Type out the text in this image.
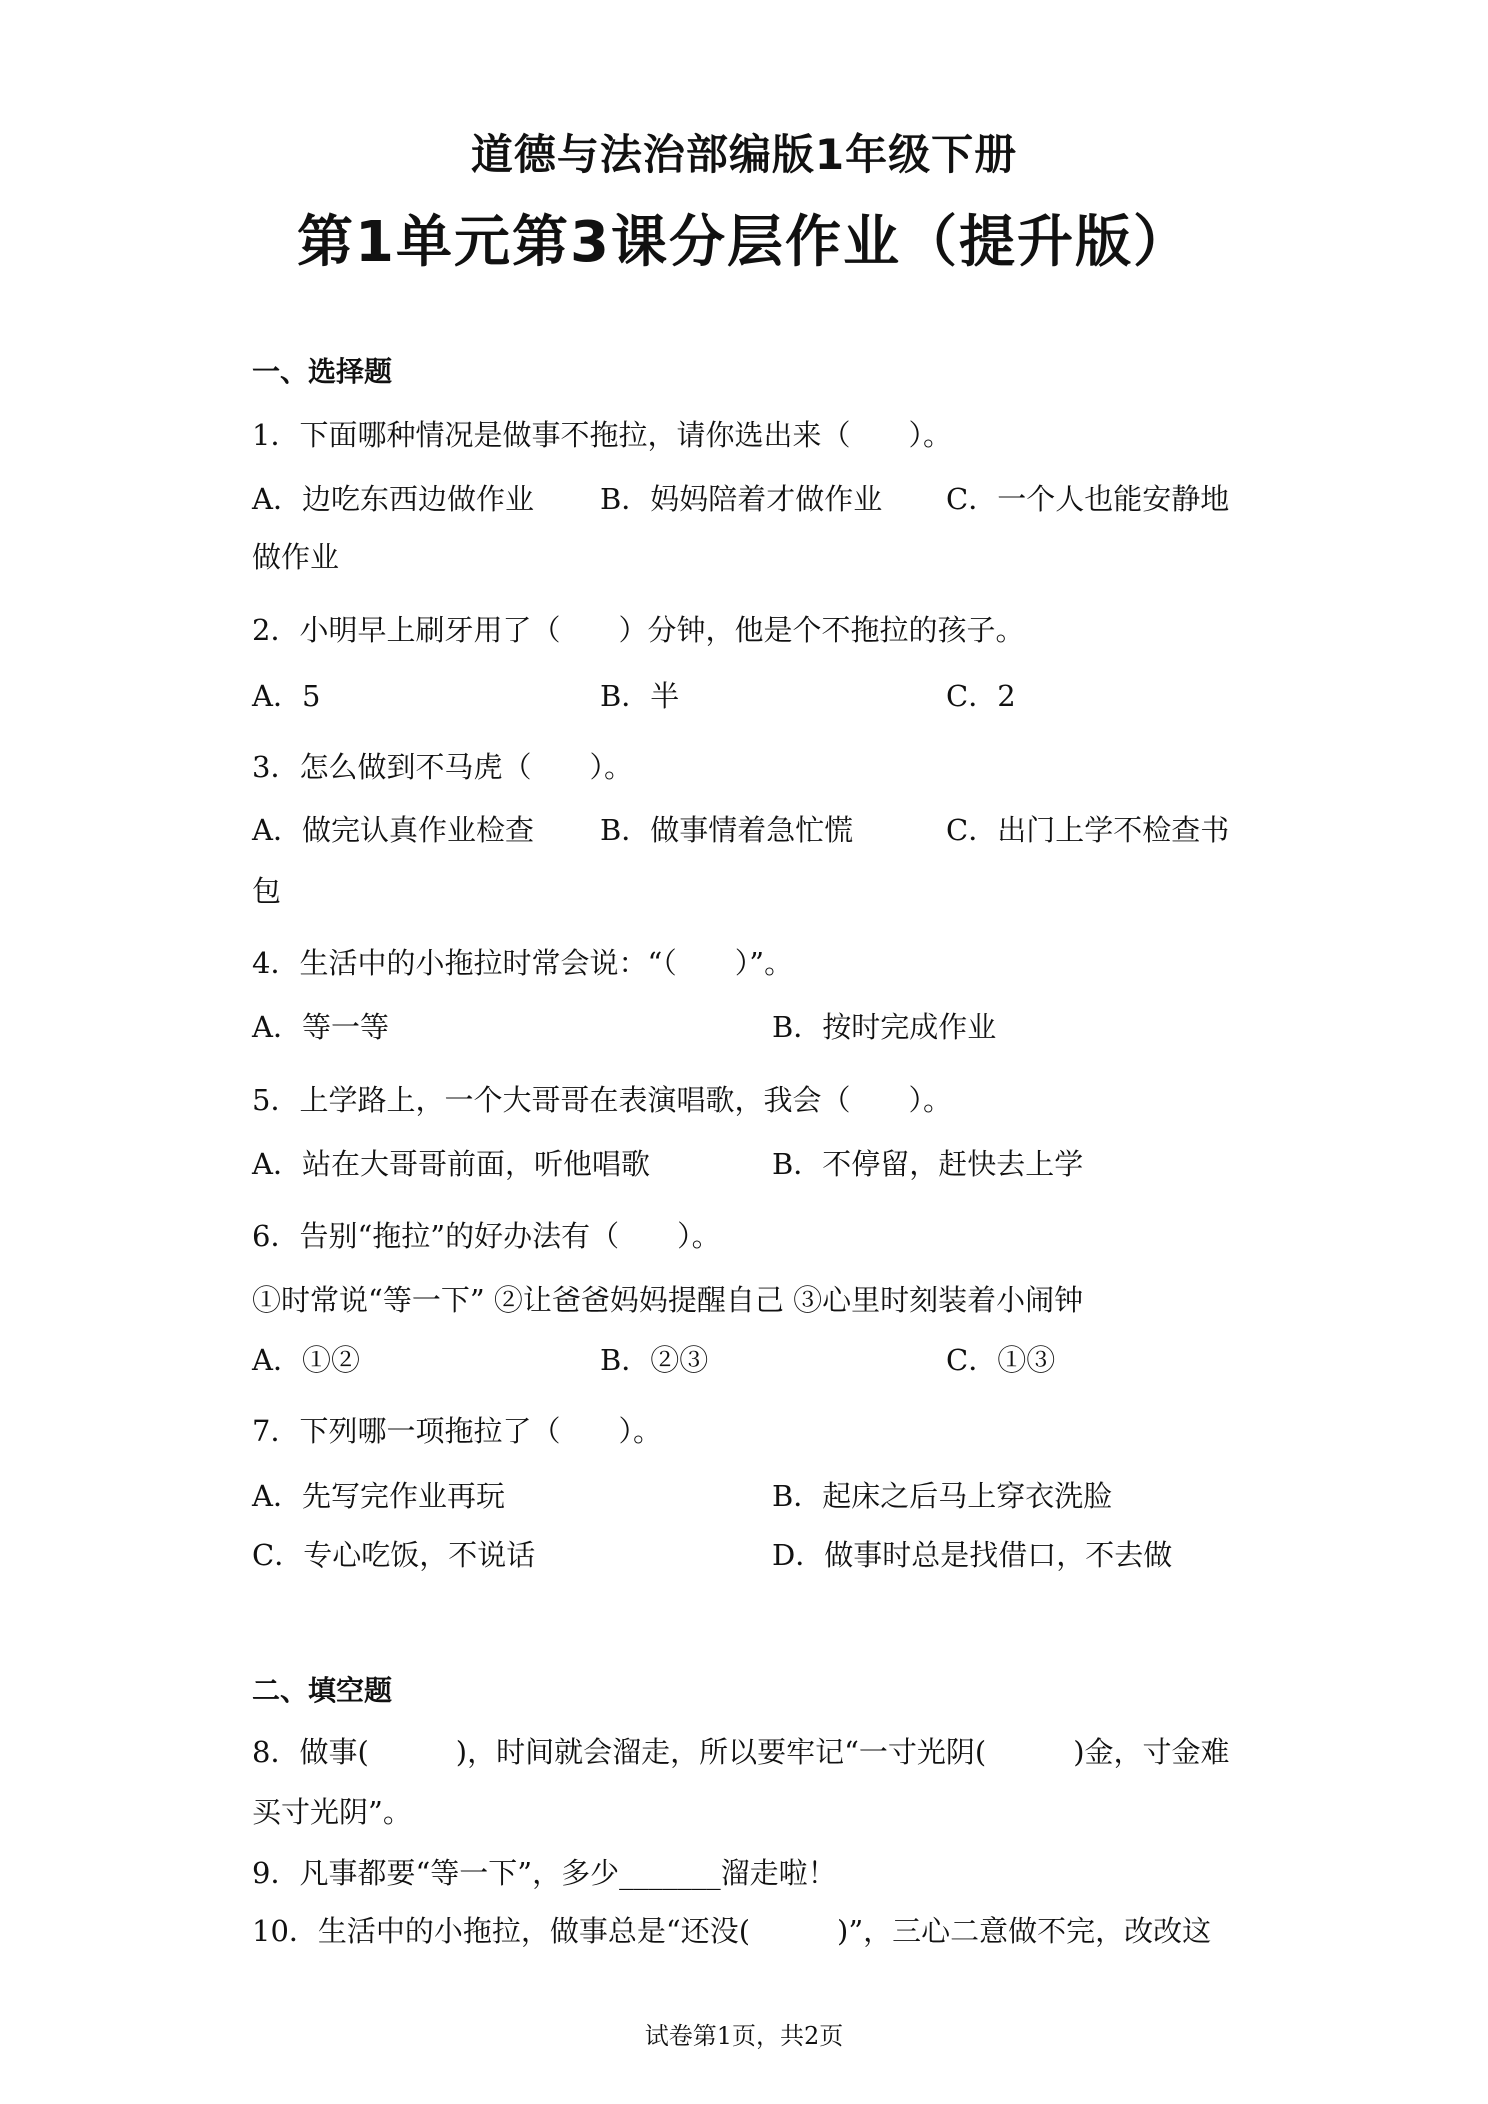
道德与法治部编版1年级下册
第1单元第3课分层作业（提升版）
一、选择题
1．下面哪种情况是做事不拖拉，请你选出来（　　）。
A．边吃东西边做作业 B．妈妈陪着才做作业 C．一个人也能安静地
做作业
2．小明早上刷牙用了（　　）分钟，他是个不拖拉的孩子。
A．5	B．半	C．2
3．怎么做到不马虎（　　）。
A．做完认真作业检查 B．做事情着急忙慌	C．出门上学不检查书
包
4．生活中的小拖拉时常会说：“（　　）”。
A．等一等	B．按时完成作业
5．上学路上，一个大哥哥在表演唱歌，我会（　　）。
A．站在大哥哥前面，听他唱歌	B．不停留，赶快去上学
6．告别“拖拉”的好办法有（　　）。
①时常说“等一下” ②让爸爸妈妈提醒自己 ③心里时刻装着小闹钟
A．①②	B．②③	C．①③
7．下列哪一项拖拉了（　　）。
A．先写完作业再玩	B．起床之后马上穿衣洗脸
C．专心吃饭，不说话	D．做事时总是找借口，不去做
二、填空题
8．做事(　　　)，时间就会溜走，所以要牢记“一寸光阴(　　　)金，寸金难
买寸光阴”。
9．凡事都要“等一下”，多少_______溜走啦！
10．生活中的小拖拉，做事总是“还没(　　　)”，三心二意做不完，改改这
试卷第1页，共2页
